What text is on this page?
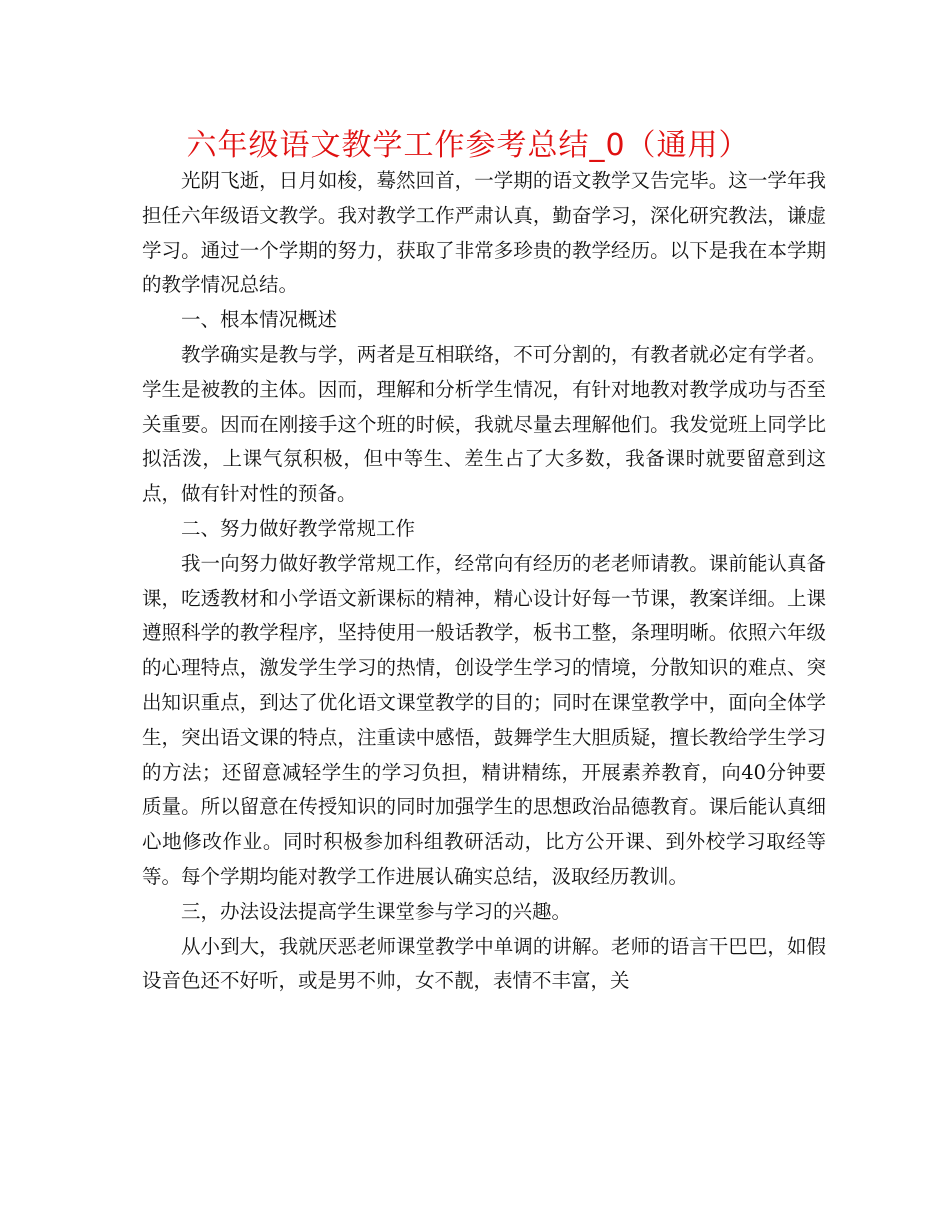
六年级语文教学工作参考总结_0（通用）

光阴飞逝，日月如梭，蓦然回首，一学期的语文教学又告完毕。这一学年我担任六年级语文教学。我对教学工作严肃认真，勤奋学习，深化研究教法，谦虚学习。通过一个学期的努力，获取了非常多珍贵的教学经历。以下是我在本学期的教学情况总结。

一、根本情况概述

教学确实是教与学，两者是互相联络，不可分割的，有教者就必定有学者。学生是被教的主体。因而，理解和分析学生情况，有针对地教对教学成功与否至关重要。因而在刚接手这个班的时候，我就尽量去理解他们。我发觉班上同学比拟活泼，上课气氛积极，但中等生、差生占了大多数，我备课时就要留意到这点，做有针对性的预备。

二、努力做好教学常规工作

我一向努力做好教学常规工作，经常向有经历的老老师请教。课前能认真备课，吃透教材和小学语文新课标的精神，精心设计好每一节课，教案详细。上课遵照科学的教学程序，坚持使用一般话教学，板书工整，条理明晰。依照六年级的心理特点，激发学生学习的热情，创设学生学习的情境，分散知识的难点、突出知识重点，到达了优化语文课堂教学的目的；同时在课堂教学中，面向全体学生，突出语文课的特点，注重读中感悟，鼓舞学生大胆质疑，擅长教给学生学习的方法；还留意减轻学生的学习负担，精讲精练，开展素养教育，向40分钟要质量。所以留意在传授知识的同时加强学生的思想政治品德教育。课后能认真细心地修改作业。同时积极参加科组教研活动，比方公开课、到外校学习取经等等。每个学期均能对教学工作进展认确实总结，汲取经历教训。

三，办法设法提高学生课堂参与学习的兴趣。

从小到大，我就厌恶老师课堂教学中单调的讲解。老师的语言干巴巴，如假设音色还不好听，或是男不帅，女不靓，表情不丰富，关
